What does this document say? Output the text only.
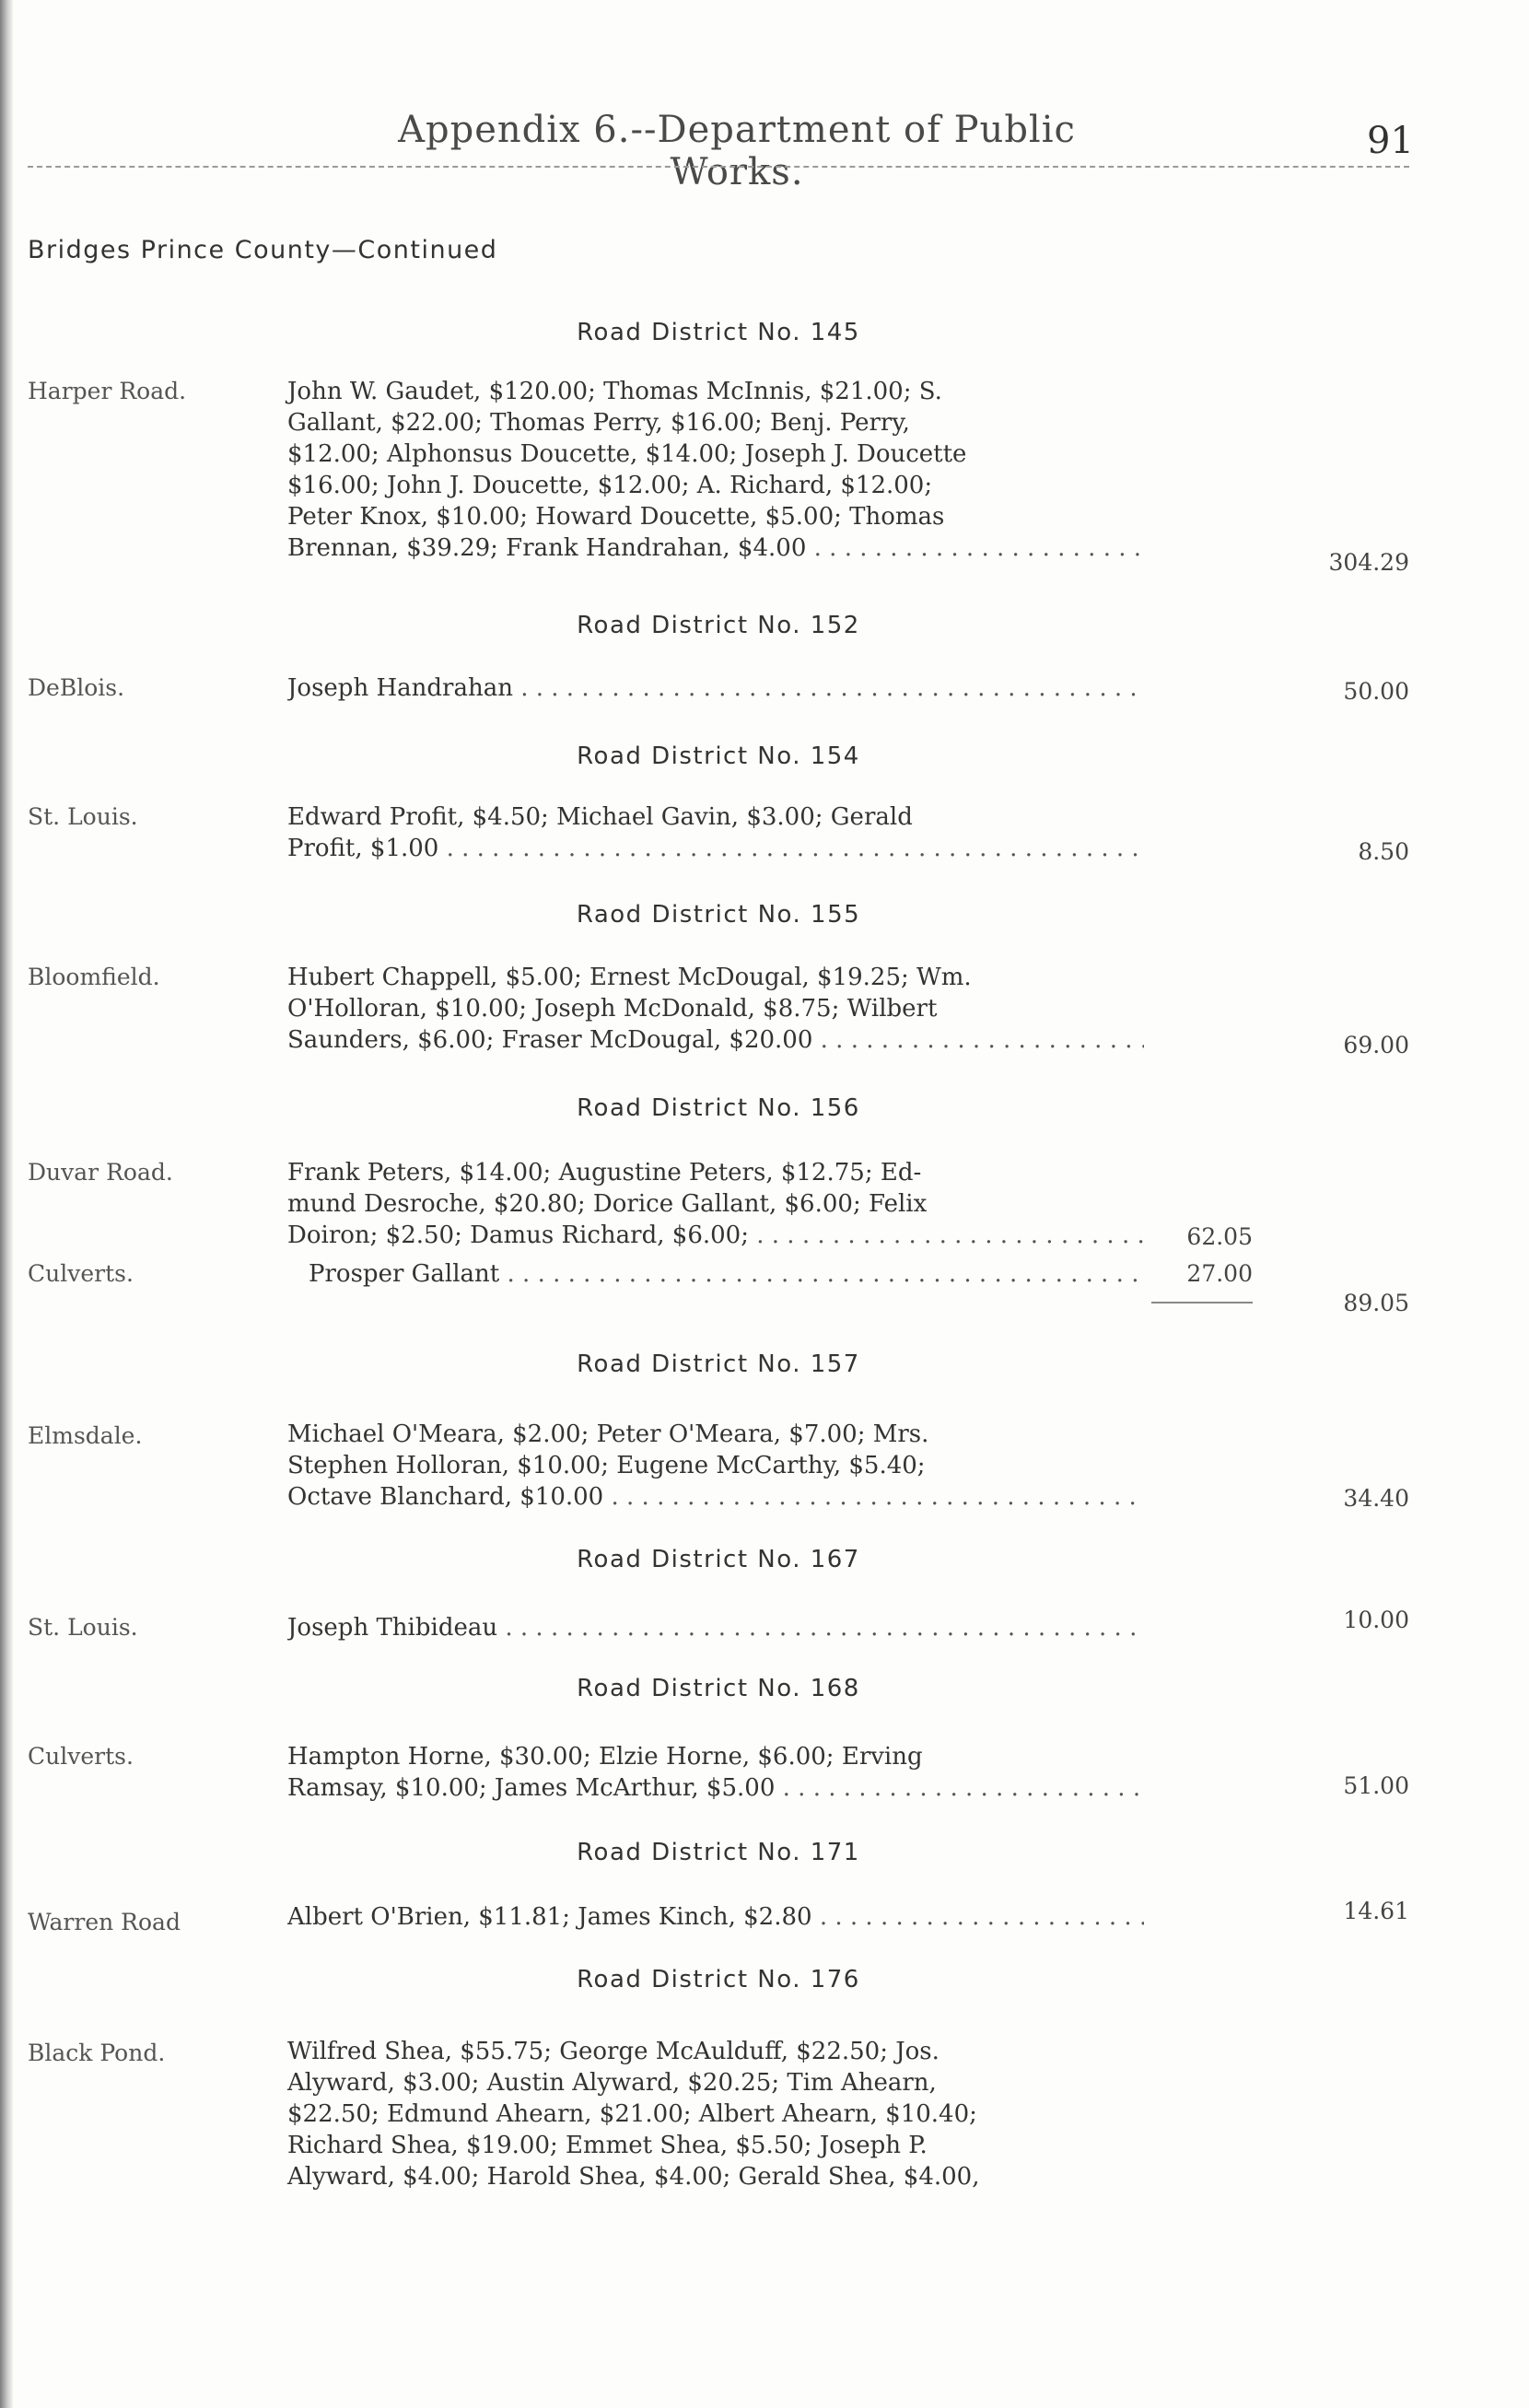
Appendix 6.--Department of Public Works.
91
Bridges Prince County—Continued
Road District No. 145
Harper Road.	John W. Gaudet, $120.00; Thomas McInnis, $21.00; S.
Gallant, $22.00; Thomas Perry, $16.00; Benj. Perry,
$12.00; Alphonsus Doucette, $14.00; Joseph J. Doucette
$16.00; John J. Doucette, $12.00; A. Richard, $12.00;
Peter Knox, $10.00; Howard Doucette, $5.00; Thomas
Brennan, $39.29; Frank Handrahan, $4.00 . . .
304.29
Road District No. 152
DeBlois.	Joseph Handrahan . . .	50.00
Road District No. 154
St. Louis.	Edward Profit, $4.50; Michael Gavin, $3.00; Gerald
Profit, $1.00 . . .	8.50
Raod District No. 155
Bloomfield.	Hubert Chappell, $5.00; Ernest McDougal, $19.25; Wm.
O'Holloran, $10.00; Joseph McDonald, $8.75; Wilbert
Saunders, $6.00; Fraser McDougal, $20.00 . . .	69.00
Road District No. 156
Duvar Road.	Frank Peters, $14.00; Augustine Peters, $12.75; Ed-
mund Desroche, $20.80; Dorice Gallant, $6.00; Felix
Doiron; $2.50; Damus Richard, $6.00; . . .	62.05
Culverts.	Prosper Gallant . . .	27.00
89.05
Road District No. 157
Elmsdale.	Michael O'Meara, $2.00; Peter O'Meara, $7.00; Mrs.
Stephen Holloran, $10.00; Eugene McCarthy, $5.40;
Octave Blanchard, $10.00 . . .	34.40
Road District No. 167
St. Louis.	Joseph Thibideau . . .	10.00
Road District No. 168
Culverts.	Hampton Horne, $30.00; Elzie Horne, $6.00; Erving
Ramsay, $10.00; James McArthur, $5.00 . . .	51.00
Road District No. 171
Warren Road	Albert O'Brien, $11.81; James Kinch, $2.80 . . .	14.61
Road District No. 176
Black Pond.	Wilfred Shea, $55.75; George McAulduff, $22.50; Jos.
Alyward, $3.00; Austin Alyward, $20.25; Tim Ahearn,
$22.50; Edmund Ahearn, $21.00; Albert Ahearn, $10.40;
Richard Shea, $19.00; Emmet Shea, $5.50; Joseph P.
Alyward, $4.00; Harold Shea, $4.00; Gerald Shea, $4.00,
